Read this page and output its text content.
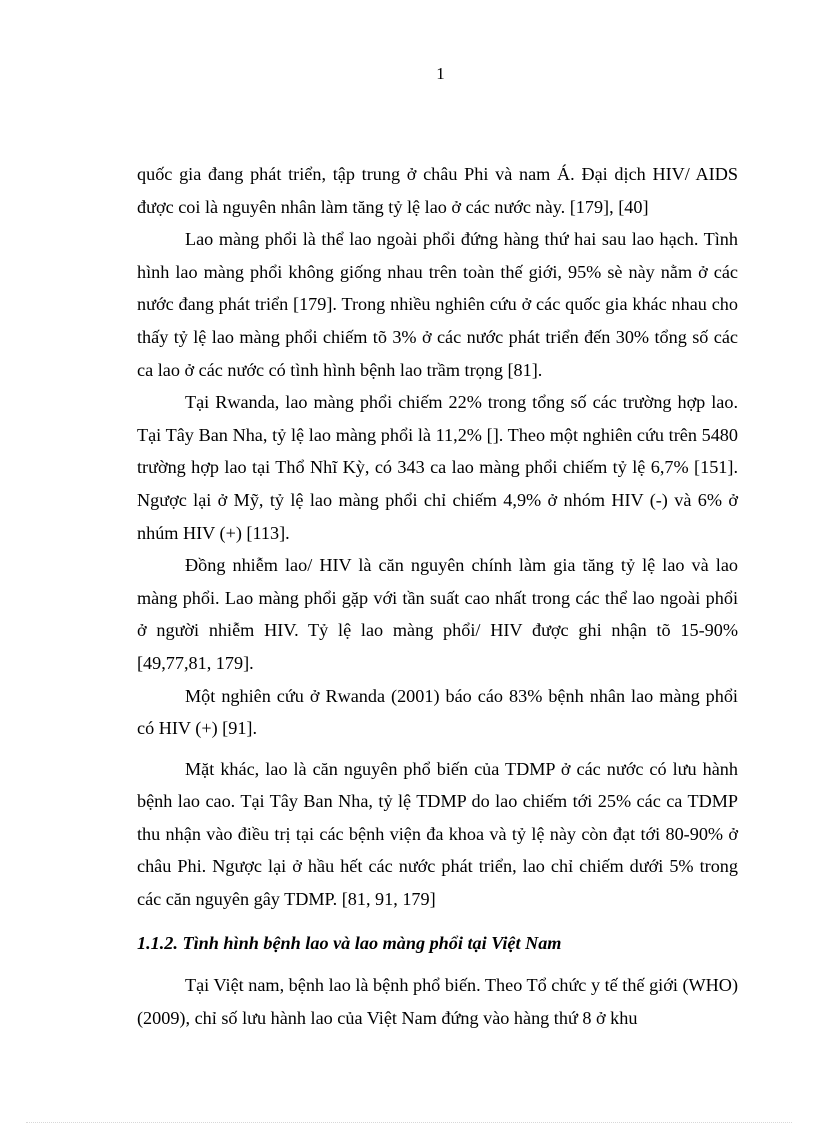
1

quốc gia đang phát triển, tập trung ở châu Phi và nam Á. Đại dịch HIV/ AIDS được coi là nguyên nhân làm tăng tỷ lệ lao ở các nước này. [179], [40]

Lao màng phổi là thể lao ngoài phổi đứng hàng thứ hai sau lao hạch. Tình hình lao màng phổi không giống nhau trên toàn thế giới, 95% sè này nằm ở các nước đang phát triển [179]. Trong nhiều nghiên cứu ở các quốc gia khác nhau cho thấy tỷ lệ lao màng phổi chiếm tõ 3% ở các nước phát triển đến 30% tổng số các ca lao ở các nước có tình hình bệnh lao trầm trọng [81].

Tại Rwanda, lao màng phổi chiếm 22% trong tổng số các trường hợp lao. Tại Tây Ban Nha, tỷ lệ lao màng phổi là 11,2% []. Theo một nghiên cứu trên 5480 trường hợp lao tại Thổ Nhĩ Kỳ, có 343 ca lao màng phổi chiếm tỷ lệ 6,7% [151]. Ngược lại ở Mỹ, tỷ lệ lao màng phổi chỉ chiếm 4,9% ở nhóm HIV (-) và 6% ở nhúm HIV (+) [113].

Đồng nhiễm lao/ HIV là căn nguyên chính làm gia tăng tỷ lệ lao và lao màng phổi. Lao màng phổi gặp với tần suất cao nhất trong các thể lao ngoài phổi ở người nhiễm HIV. Tỷ lệ lao màng phổi/ HIV được ghi nhận tõ 15-90% [49,77,81, 179].

Một nghiên cứu ở Rwanda (2001) báo cáo 83% bệnh nhân lao màng phổi có HIV (+) [91].

Mặt khác, lao là căn nguyên phổ biến của TDMP ở các nước có lưu hành bệnh lao cao. Tại Tây Ban Nha, tỷ lệ TDMP do lao chiếm tới 25% các ca TDMP thu nhận vào điều trị tại các bệnh viện đa khoa và tỷ lệ này còn đạt tới 80-90% ở châu Phi. Ngược lại ở hầu hết các nước phát triển, lao chỉ chiếm dưới 5% trong các căn nguyên gây TDMP. [81, 91, 179]

1.1.2. Tình hình bệnh lao và lao màng phổi tại Việt Nam

Tại Việt nam, bệnh lao là bệnh phổ biến. Theo Tổ chức y tế thế giới (WHO) (2009), chỉ số lưu hành lao của Việt Nam đứng vào hàng thứ 8 ở khu
